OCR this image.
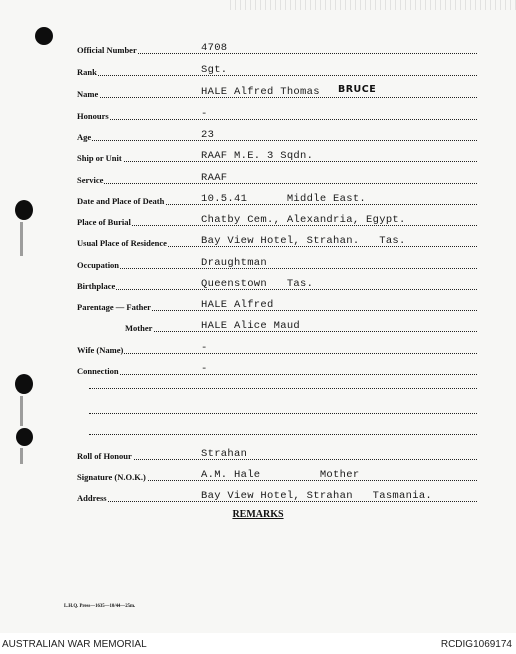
Official Number	4708
Rank	Sgt.
Name	HALE Alfred Thomas BRUCE
Honours	-
Age	23
Ship or Unit	RAAF M.E. 3 Sqdn.
Service	RAAF
Date and Place of Death	10.5.41      Middle East.
Place of Burial	Chatby Cem., Alexandria, Egypt.
Usual Place of Residence	Bay View Hotel, Strahan.   Tas.
Occupation	Draughtman
Birthplace	Queenstown   Tas.
Parentage — Father	HALE Alfred
Mother	HALE Alice Maud
Wife (Name)	-
Connection	-
Roll of Honour	Strahan
Signature (N.O.K.)	A.M. Hale         Mother
Address	Bay View Hotel, Strahan   Tasmania.
REMARKS
L.H.Q. Press—1635—10/44—25m.
AUSTRALIAN WAR MEMORIAL	RCDIG1069174
